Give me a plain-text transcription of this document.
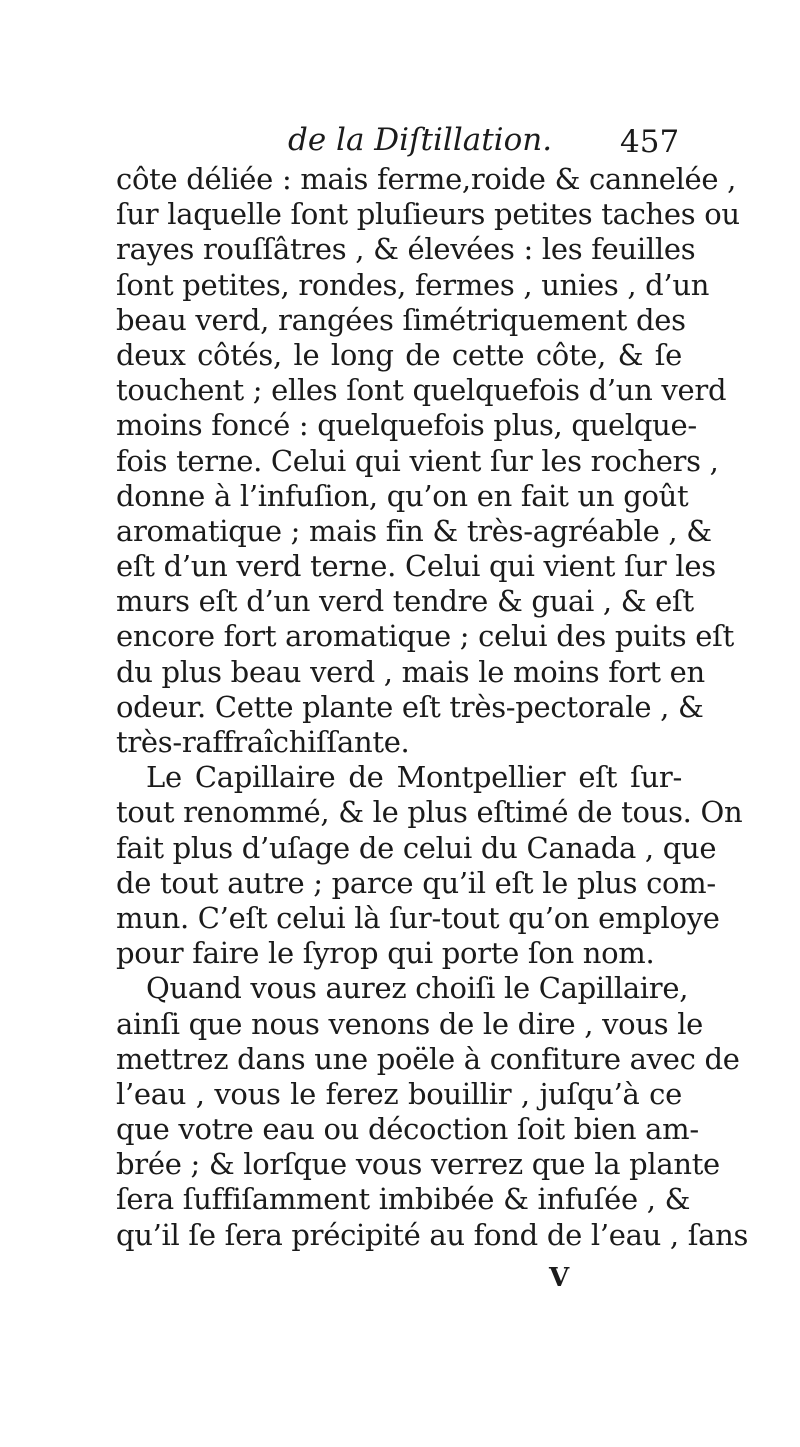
de la Diſtillation. 457
côte déliée : mais ferme,roide & cannelée ,
ſur laquelle ſont pluſieurs petites taches ou
rayes rouſſâtres , & élevées : les feuilles
ſont petites, rondes, fermes , unies , d’un
beau verd, rangées ſimétriquement des
deux côtés, le long de cette côte, & ſe
touchent ; elles ſont quelquefois d’un verd
moins foncé : quelquefois plus, quelque-
fois terne. Celui qui vient ſur les rochers ,
donne à l’infuſion, qu’on en fait un goût
aromatique ; mais fin & très-agréable , &
eſt d’un verd terne. Celui qui vient ſur les
murs eſt d’un verd tendre & guai , & eſt
encore fort aromatique ; celui des puits eſt
du plus beau verd , mais le moins fort en
odeur. Cette plante eſt très-pectorale , &
très-raffraîchiſſante.
Le Capillaire de Montpellier eſt ſur-
tout renommé, & le plus eſtimé de tous. On
fait plus d’uſage de celui du Canada , que
de tout autre ; parce qu’il eſt le plus com-
mun. C’eſt celui là ſur-tout qu’on employe
pour faire le ſyrop qui porte ſon nom.
Quand vous aurez choiſi le Capillaire,
ainſi que nous venons de le dire , vous le
mettrez dans une poële à confiture avec de
l’eau , vous le ferez bouillir , juſqu’à ce
que votre eau ou décoction ſoit bien am-
brée ; & lorſque vous verrez que la plante
ſera ſuffiſamment imbibée & infuſée , &
qu’il ſe ſera précipité au fond de l’eau , ſans
V
